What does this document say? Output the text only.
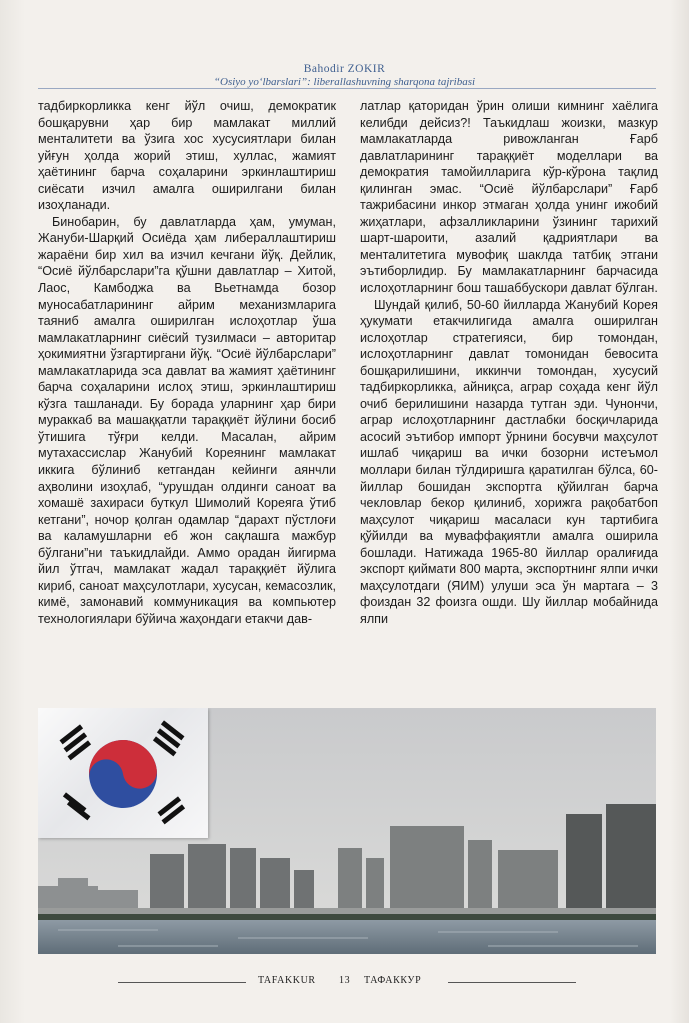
Bahodir ZOKIR
“Osiyo yo‘lbarslari”: liberallashuvning sharqona tajribasi

тадбиркорликка кенг йўл очиш, демократик бошқарувни ҳар бир мамлакат миллий менталитети ва ўзига хос хусусиятлари билан уйғун ҳолда жорий этиш, хуллас, жамият ҳаётининг барча соҳаларини эркинлаштириш сиёсати изчил амалга оширилгани билан изоҳланади.

Бинобарин, бу давлатларда ҳам, умуман, Жануби-Шарқий Осиёда ҳам либераллаштириш жараёни бир хил ва изчил кечгани йўқ. Дейлик, “Осиё йўлбарслари”га қўшни давлатлар – Хитой, Лаос, Камбоджа ва Вьетнамда бозор муносабатларининг айрим механизмларига таяниб амалга оширилган ислоҳотлар ўша мамлакатларнинг сиёсий тузилмаси – авторитар ҳокимиятни ўзгартиргани йўқ. “Осиё йўлбарслари” мамлакатларида эса давлат ва жамият ҳаётининг барча соҳаларини ислоҳ этиш, эркинлаштириш кўзга ташланади. Бу борада уларнинг ҳар бири мураккаб ва машаққатли тараққиёт йўлини босиб ўтишига тўғри келди. Масалан, айрим мутахассислар Жанубий Кореянинг мамлакат иккига бўлиниб кетгандан кейинги аянчли аҳволини изоҳлаб, “урушдан олдинги саноат ва хомашё захираси буткул Шимолий Кореяга ўтиб кетгани”, ночор қолган одамлар “дарахт пўстлоғи ва каламушларни еб жон сақлашга мажбур бўлгани”ни таъкидлайди. Аммо орадан йигирма йил ўтгач, мамлакат жадал тараққиёт йўлига кириб, саноат маҳсулотлари, хусусан, кемасозлик, кимё, замонавий коммуникация ва компьютер технологиялари бўйича жаҳондаги етакчи дав-

латлар қаторидан ўрин олиши кимнинг хаёлига келибди дейсиз?! Таъкидлаш жоизки, мазкур мамлакатларда ривожланган Ғарб давлатларининг тараққиёт моделлари ва демократия тамойилларига кўр-кўрона тақлид қилинган эмас. “Осиё йўлбарслари” Ғарб тажрибасини инкор этмаган ҳолда унинг ижобий жиҳатлари, афзалликларини ўзининг тарихий шарт-шароити, азалий қадриятлари ва менталитетига мувофиқ шаклда татбиқ этгани эътиборлидир. Бу мамлакатларнинг барчасида ислоҳотларнинг бош ташаббускори давлат бўлган.

Шундай қилиб, 50-60 йилларда Жанубий Корея ҳукумати етакчилигида амалга оширилган ислоҳотлар стратегияси, бир томондан, ислоҳотларнинг давлат томонидан бевосита бошқарилишини, иккинчи томондан, хусусий тадбиркорликка, айниқса, аграр соҳада кенг йўл очиб берилишини назарда тутган эди. Чунончи, аграр ислоҳотларнинг дастлабки босқичларида асосий эътибор импорт ўрнини босувчи маҳсулот ишлаб чиқариш ва ички бозорни истеъмол моллари билан тўлдиришга қаратилган бўлса, 60-йиллар бошидан экспортга қўйилган барча чекловлар бекор қилиниб, хорижга рақобатбоп маҳсулот чиқариш масаласи кун тартибига қўйилди ва муваффақиятли амалга оширила бошлади. Натижада 1965-80 йиллар оралиғида экспорт қиймати 800 марта, экспортнинг ялпи ички маҳсулотдаги (ЯИМ) улуши эса ўн мартага – 3 фоиздан 32 фоизга ошди. Шу йиллар мобайнида ялпи

TAFAKKUR 13 ТАФАККУР
